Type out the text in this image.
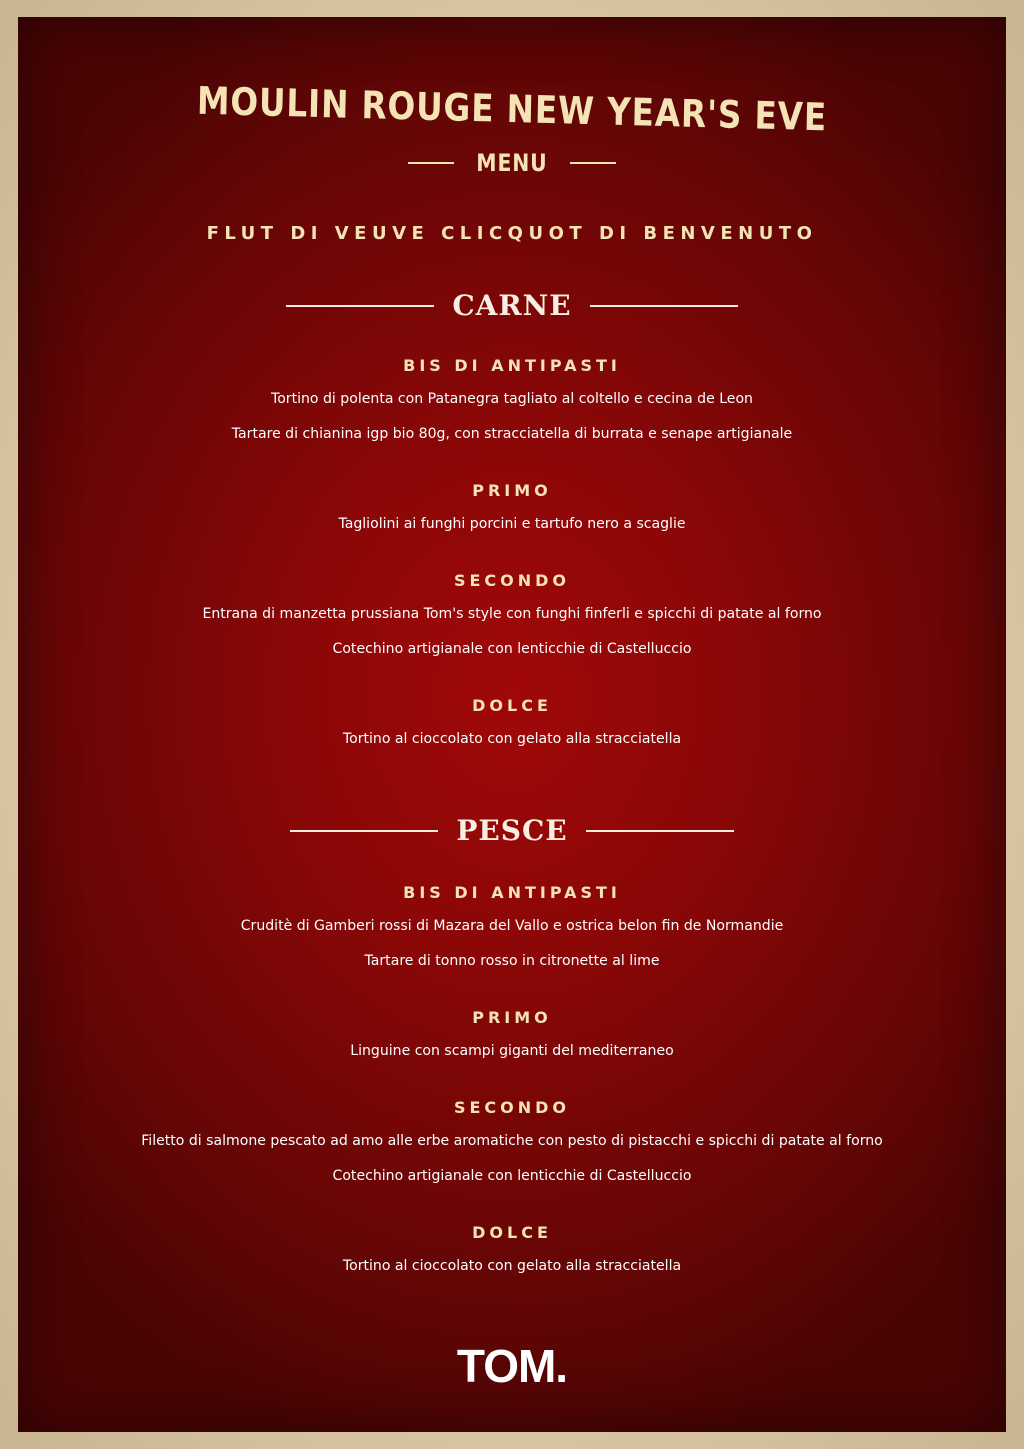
MOULIN ROUGE NEW YEAR'S EVE
MENU
FLUT DI VEUVE CLICQUOT DI BENVENUTO
CARNE
BIS DI ANTIPASTI
Tortino di polenta con Patanegra tagliato al coltello e cecina de Leon
Tartare di chianina igp bio 80g, con stracciatella di burrata e senape artigianale
PRIMO
Tagliolini ai funghi porcini e tartufo nero a scaglie
SECONDO
Entrana di manzetta prussiana Tom's style con funghi finferli e spicchi di patate al forno
Cotechino artigianale con lenticchie di Castelluccio
DOLCE
Tortino al cioccolato con gelato alla stracciatella
PESCE
BIS DI ANTIPASTI
Cruditè di Gamberi rossi di Mazara del Vallo e ostrica belon fin de Normandie
Tartare di tonno rosso in citronette al lime
PRIMO
Linguine con scampi giganti del mediterraneo
SECONDO
Filetto di salmone pescato ad amo alle erbe aromatiche con pesto di pistacchi e spicchi di patate al forno
Cotechino artigianale con lenticchie di Castelluccio
DOLCE
Tortino al cioccolato con gelato alla stracciatella
TOM.
